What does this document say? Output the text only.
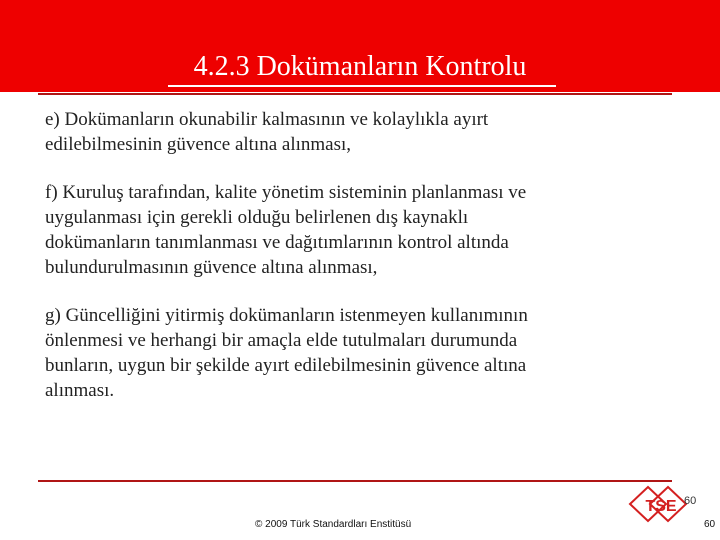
4.2.3 Dokümanların Kontrolu

e) Dokümanların okunabilir kalmasının ve kolaylıkla ayırt
edilebilmesinin güvence altına alınması,

f) Kuruluş tarafından, kalite yönetim sisteminin planlanması ve
uygulanması için gerekli olduğu belirlenen dış kaynaklı
dokümanların tanımlanması ve dağıtımlarının kontrol altında
bulundurulmasının güvence altına alınması,

g) Güncelliğini yitirmiş dokümanların istenmeyen kullanımının
önlenmesi ve herhangi bir amaçla elde tutulmaları durumunda
bunların, uygun bir şekilde ayırt edilebilmesinin güvence altına
alınması.

TSE 60
© 2009 Türk Standardları Enstitüsü	60
